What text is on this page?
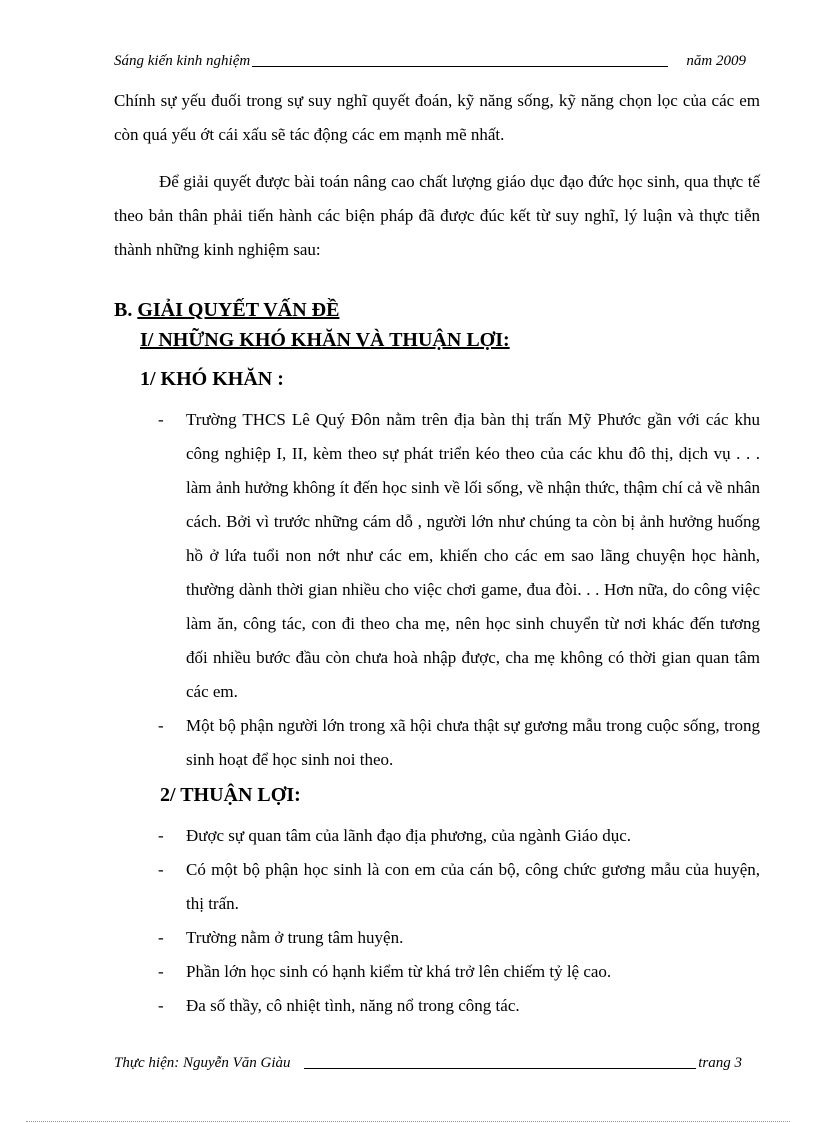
Sáng kiến kinh nghiệm	năm 2009

Chính sự yếu đuối trong sự suy nghĩ quyết đoán, kỹ năng sống, kỹ năng chọn lọc của các em còn quá yếu ớt cái xấu sẽ tác động các em mạnh mẽ nhất.

Để giải quyết được bài toán nâng cao chất lượng giáo dục đạo đức học sinh, qua thực tế theo bản thân phải tiến hành các biện pháp đã được đúc kết từ suy nghĩ, lý luận và thực tiễn thành những kinh nghiệm sau:

B. GIẢI QUYẾT VẤN ĐỀ
I/ NHỮNG KHÓ KHĂN VÀ THUẬN LỢI:
1/ KHÓ KHĂN :
- Trường THCS Lê Quý Đôn nằm trên địa bàn thị trấn Mỹ Phước gần với các khu công nghiệp I, II, kèm theo sự phát triển kéo theo của các khu đô thị, dịch vụ . . . làm ảnh hưởng không ít đến học sinh về lối sống, về nhận thức, thậm chí cả về nhân cách. Bởi vì trước những cám dỗ , người lớn như chúng ta còn bị ảnh hưởng huống hồ ở lứa tuổi non nớt như các em, khiến cho các em sao lãng chuyện học hành, thường dành thời gian nhiều cho việc chơi game, đua đòi. . . Hơn nữa, do công việc làm ăn, công tác, con đi theo cha mẹ, nên học sinh chuyển từ nơi khác đến tương đối nhiều bước đầu còn chưa hoà nhập được, cha mẹ không có thời gian quan tâm các em.
- Một bộ phận người lớn trong xã hội chưa thật sự gương mẫu trong cuộc sống, trong sinh hoạt để học sinh noi theo.
2/ THUẬN LỢI:
- Được sự quan tâm của lãnh đạo địa phương, của ngành Giáo dục.
- Có một bộ phận học sinh là con em của cán bộ, công chức gương mẫu của huyện, thị trấn.
- Trường nằm ở trung tâm huyện.
- Phần lớn học sinh có hạnh kiểm từ khá trở lên chiếm tỷ lệ cao.
- Đa số thầy, cô nhiệt tình, năng nổ trong công tác.
Thực hiện: Nguyễn Văn Giàu	trang 3
